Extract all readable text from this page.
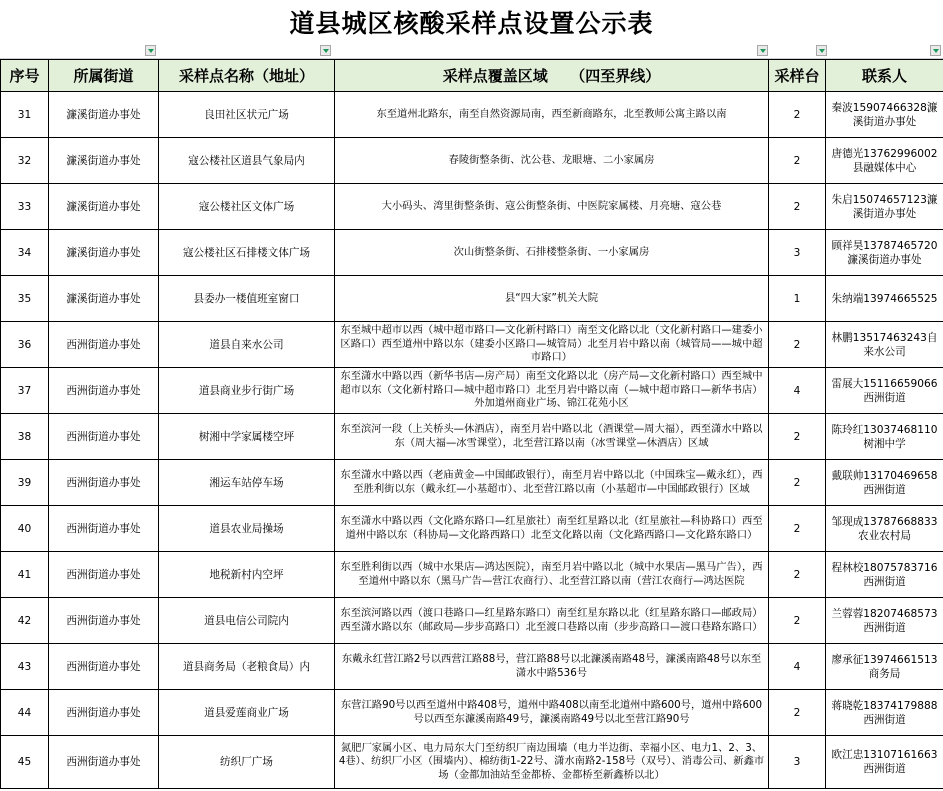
道县城区核酸采样点设置公示表
序号	所属街道	采样点名称（地址）	采样点覆盖区域　　（四至界线）	采样台	联系人
31	濂溪街道办事处	良田社区状元广场	东至道州北路东，南至自然资源局南，西至新商路东，北至教师公寓主路以南	2	秦波15907466328濂溪街道办事处
32	濂溪街道办事处	寇公楼社区道县气象局内	春陵街整条街、沈公巷、龙眼塘、二小家属房	2	唐德光13762996002县融媒体中心
33	濂溪街道办事处	寇公楼社区文体广场	大小码头、湾里街整条街、寇公街整条街、中医院家属楼、月亮塘、寇公巷	2	朱启15074657123濂溪街道办事处
34	濂溪街道办事处	寇公楼社区石排楼文体广场	次山街整条街、石排楼整条街、一小家属房	3	顾祥昊13787465720濂溪街道办事处
35	濂溪街道办事处	县委办一楼值班室窗口	县“四大家”机关大院	1	朱纳端13974665525
36	西洲街道办事处	道县自来水公司	东至城中超市以西（城中超市路口—文化新村路口）南至文化路以北（文化新村路口—建委小区路口）西至道州中路以东（建委小区路口—城管局）北至月岩中路以南（城管局——城中超市路口）	2	林鹏13517463243自来水公司
37	西洲街道办事处	道县商业步行街广场	东至潇水中路以西（新华书店—房产局）南至文化路以北（房产局—文化新村路口）西至城中超市以东（文化新村路口—城中超市路口）北至月岩中路以南（—城中超市路口—新华书店）外加道州商业广场、锦江花苑小区	4	雷展大15116659066西洲街道
38	西洲街道办事处	树湘中学家属楼空坪	东至滨河一段（上关桥头—休酒店），南至月岩中路以北（酒课堂—周大福），西至潇水中路以东（周大福—冰雪课堂），北至营江路以南（冰雪课堂—休酒店）区域	2	陈玲红13037468110树湘中学
39	西洲街道办事处	湘运车站停车场	东至潇水中路以西（老庙黄金—中国邮政银行），南至月岩中路以北（中国珠宝—戴永红），西至胜利街以东（戴永红—小基超市）、北至营江路以南（小基超市—中国邮政银行）区域	2	戴联帅13170469658西洲街道
40	西洲街道办事处	道县农业局操场	东至潇水中路以西（文化路东路口—红星旅社）南至红星路以北（红星旅社—科协路口）西至道州中路以东（科协局—文化路西路口）北至文化路以南（文化路西路口—文化路东路口）	2	邹现成13787668833农业农村局
41	西洲街道办事处	地税新村内空坪	东至胜利街以西（城中水果店—鸿达医院），南至月岩中路以北（城中水果店—黑马广告），西至道州中路以东（黑马广告—营江农商行）、北至营江路以南（营江农商行—鸿达医院	2	程林校18075783716西洲街道
42	西洲街道办事处	道县电信公司院内	东至滨河路以西（渡口巷路口—红星路东路口）南至红星东路以北（红星路东路口—邮政局）西至潇水路以东（邮政局—步步高路口）北至渡口巷路以南（步步高路口—渡口巷路东路口）	2	兰蓉蓉18207468573西洲街道
43	西洲街道办事处	道县商务局（老粮食局）内	东戴永红营江路2号以西营江路88号，营江路88号以北濂溪南路48号，濂溪南路48号以东至潇水中路536号	4	廖承征13974661513商务局
44	西洲街道办事处	道县爱莲商业广场	东营江路90号以西至道州中路408号，道州中路408以南至北道州中路600号，道州中路600号以西至东濂溪南路49号，濂溪南路49号以北至营江路90号	2	蒋晓乾18374179888西洲街道
45	西洲街道办事处	纺织厂广场	氮肥厂家属小区、电力局东大门至纺织厂南边围墙（电力半边街、幸福小区、电力1、2、3、4巷）、纺织厂小区（围墙内）、棉纺街1-22号、潇水南路2-158号（双号）、消毒公司、新鑫市场（金都加油站至金都桥、金都桥至新鑫桥以北）	3	欧江忠13107161663西洲街道
